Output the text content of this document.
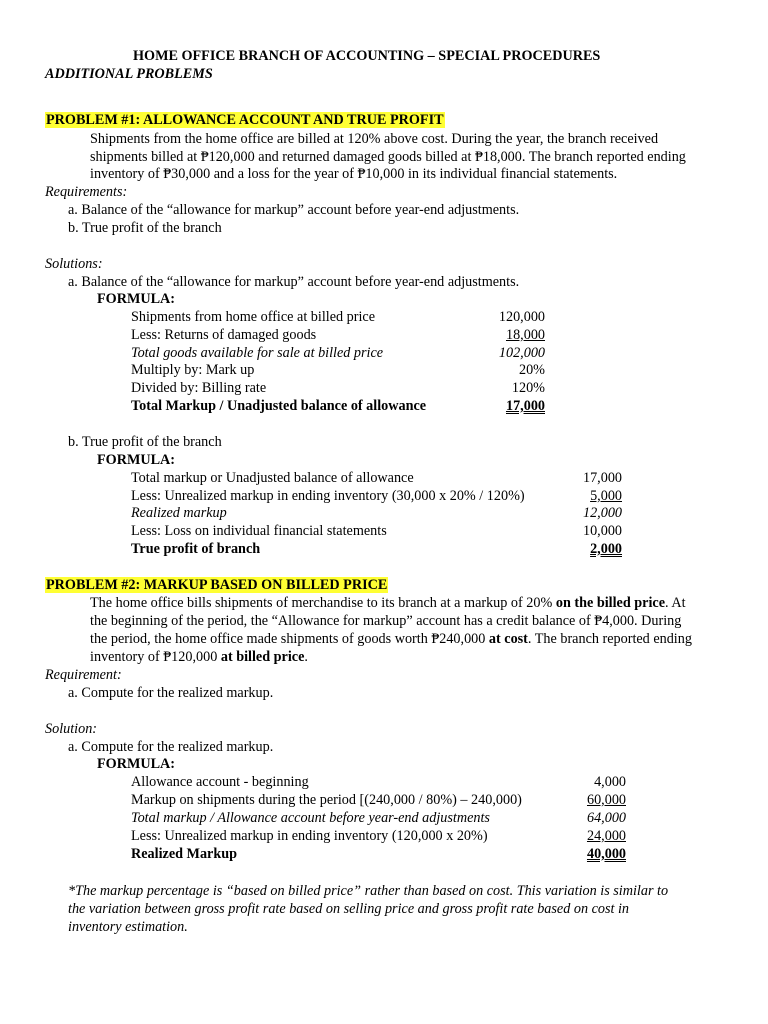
HOME OFFICE BRANCH OF ACCOUNTING – SPECIAL PROCEDURES
ADDITIONAL PROBLEMS
PROBLEM #1: ALLOWANCE ACCOUNT AND TRUE PROFIT
Shipments from the home office are billed at 120% above cost. During the year, the branch received
shipments billed at ₱120,000 and returned damaged goods billed at ₱18,000. The branch reported ending
inventory of ₱30,000 and a loss for the year of ₱10,000 in its individual financial statements.
Requirements:
a. Balance of the “allowance for markup” account before year-end adjustments.
b. True profit of the branch
Solutions:
a. Balance of the “allowance for markup” account before year-end adjustments.
FORMULA:
Shipments from home office at billed price	120,000
Less: Returns of damaged goods	18,000
Total goods available for sale at billed price	102,000
Multiply by: Mark up	20%
Divided by: Billing rate	120%
Total Markup / Unadjusted balance of allowance	17,000
b. True profit of the branch
FORMULA:
Total markup or Unadjusted balance of allowance	17,000
Less: Unrealized markup in ending inventory (30,000 x 20% / 120%)	5,000
Realized markup	12,000
Less: Loss on individual financial statements	10,000
True profit of branch	2,000
PROBLEM #2: MARKUP BASED ON BILLED PRICE
The home office bills shipments of merchandise to its branch at a markup of 20% on the billed price. At
the beginning of the period, the “Allowance for markup” account has a credit balance of ₱4,000. During
the period, the home office made shipments of goods worth ₱240,000 at cost. The branch reported ending
inventory of ₱120,000 at billed price.
Requirement:
a. Compute for the realized markup.
Solution:
a. Compute for the realized markup.
FORMULA:
Allowance account - beginning	4,000
Markup on shipments during the period [(240,000 / 80%) – 240,000)	60,000
Total markup / Allowance account before year-end adjustments	64,000
Less: Unrealized markup in ending inventory (120,000 x 20%)	24,000
Realized Markup	40,000
*The markup percentage is “based on billed price” rather than based on cost. This variation is similar to
the variation between gross profit rate based on selling price and gross profit rate based on cost in
inventory estimation.
